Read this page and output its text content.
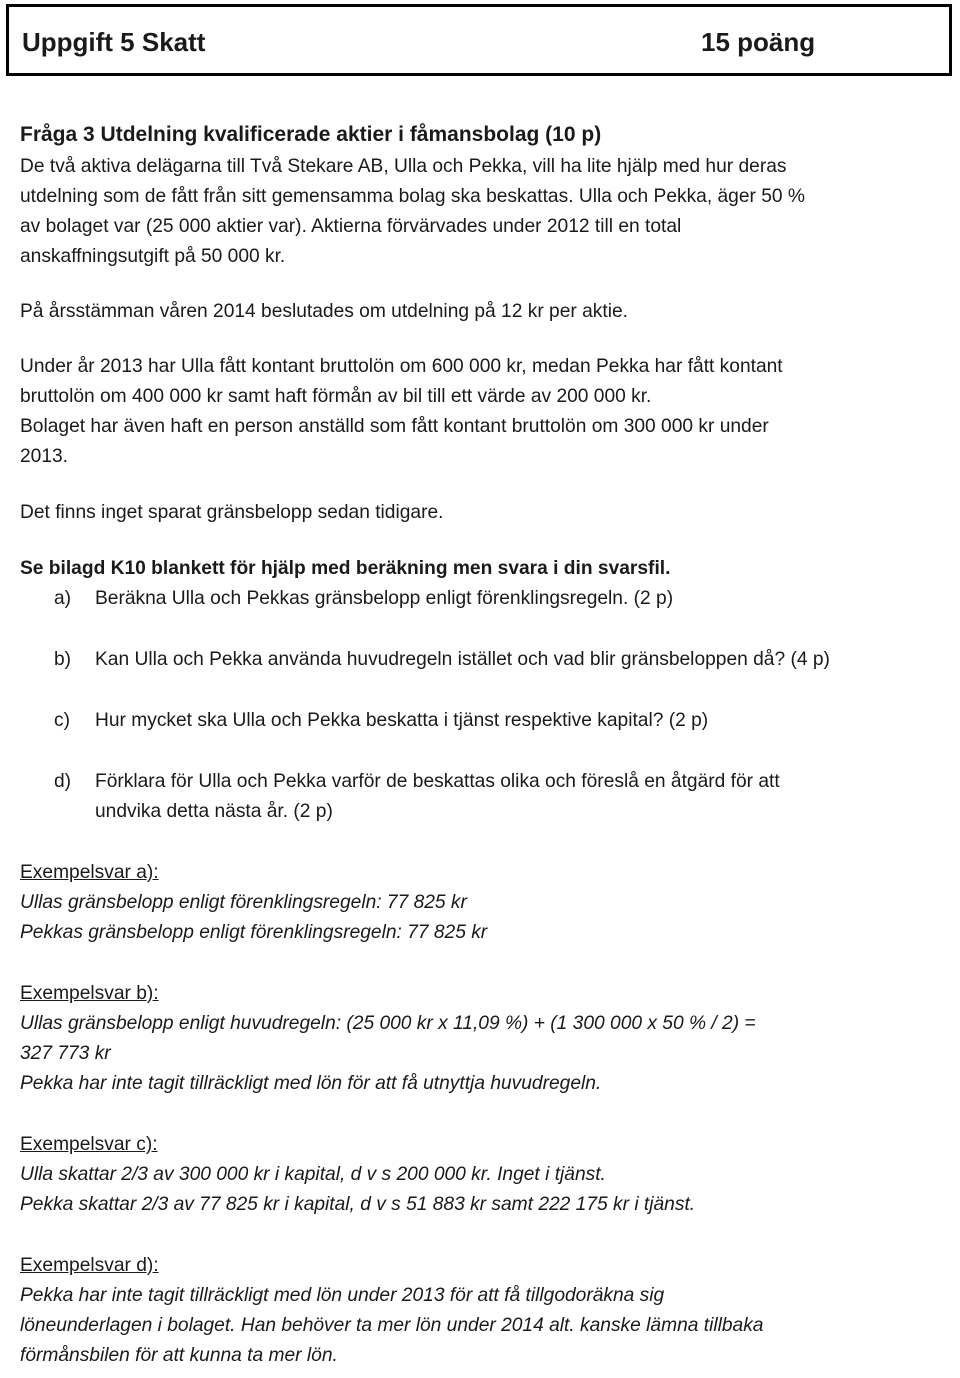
Uppgift 5 Skatt	15 poäng

Fråga 3 Utdelning kvalificerade aktier i fåmansbolag (10 p)

De två aktiva delägarna till Två Stekare AB, Ulla och Pekka, vill ha lite hjälp med hur deras

utdelning som de fått från sitt gemensamma bolag ska beskattas. Ulla och Pekka, äger 50 %

av bolaget var (25 000 aktier var). Aktierna förvärvades under 2012 till en total

anskaffningsutgift på 50 000 kr.

På årsstämman våren 2014 beslutades om utdelning på 12 kr per aktie.

Under år 2013 har Ulla fått kontant bruttolön om 600 000 kr, medan Pekka har fått kontant

bruttolön om 400 000 kr samt haft förmån av bil till ett värde av 200 000 kr.

Bolaget har även haft en person anställd som fått kontant bruttolön om 300 000 kr under

2013.

Det finns inget sparat gränsbelopp sedan tidigare.

Se bilagd K10 blankett för hjälp med beräkning men svara i din svarsfil.

a) Beräkna Ulla och Pekkas gränsbelopp enligt förenklingsregeln. (2 p)

b) Kan Ulla och Pekka använda huvudregeln istället och vad blir gränsbeloppen då? (4 p)

c) Hur mycket ska Ulla och Pekka beskatta i tjänst respektive kapital? (2 p)

d) Förklara för Ulla och Pekka varför de beskattas olika och föreslå en åtgärd för att

undvika detta nästa år. (2 p)

Exempelsvar a):

Ullas gränsbelopp enligt förenklingsregeln: 77 825 kr

Pekkas gränsbelopp enligt förenklingsregeln: 77 825 kr

Exempelsvar b):

Ullas gränsbelopp enligt huvudregeln: (25 000 kr x 11,09 %) + (1 300 000 x 50 % / 2) =

327 773 kr

Pekka har inte tagit tillräckligt med lön för att få utnyttja huvudregeln.

Exempelsvar c):

Ulla skattar 2/3 av 300 000 kr i kapital, d v s 200 000 kr. Inget i tjänst.

Pekka skattar 2/3 av 77 825 kr i kapital, d v s 51 883 kr samt 222 175 kr i tjänst.

Exempelsvar d):

Pekka har inte tagit tillräckligt med lön under 2013 för att få tillgodoräkna sig

löneunderlagen i bolaget. Han behöver ta mer lön under 2014 alt. kanske lämna tillbaka

förmånsbilen för att kunna ta mer lön.
